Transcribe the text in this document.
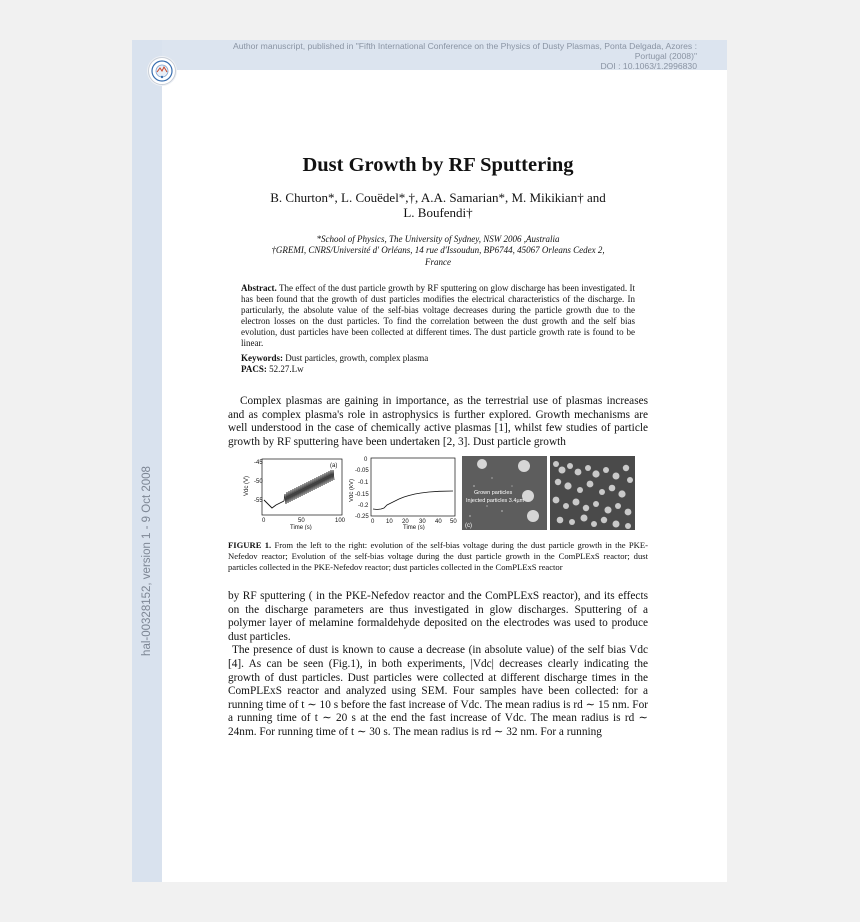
Author manuscript, published in "Fifth International Conference on the Physics of Dusty Plasmas, Ponta Delgada, Azores :
Portugal (2008)"
DOI : 10.1063/1.2996830
hal-00328152, version 1 - 9 Oct 2008
Dust Growth by RF Sputtering
B. Churton*, L. Couëdel*,†, A.A. Samarian*, M. Mikikian† and
L. Boufendi†
*School of Physics, The University of Sydney, NSW 2006 ,Australia
†GREMI, CNRS/Université d' Orléans, 14 rue d'Issoudun, BP6744, 45067 Orleans Cedex 2,
France
Abstract. The effect of the dust particle growth by RF sputtering on glow discharge has been investigated. It has been found that the growth of dust particles modifies the electrical characteristics of the discharge. In particularly, the absolute value of the self-bias voltage decreases during the particle growth due to the electron losses on the dust particles. To find the correlation between the dust growth and the self bias evolution, dust particles have been collected at different times. The dust particle growth rate is found to be linear.
Keywords: Dust particles, growth, complex plasma
PACS: 52.27.Lw
Complex plasmas are gaining in importance, as the terrestrial use of plasmas increases and as complex plasma's role in astrophysics is further explored. Growth mechanisms are well understood in the case of chemically active plasmas [1], whilst few studies of particle growth by RF sputtering have been undertaken [2, 3]. Dust particle growth
-45
-50
-55
0	50	100
Time (s)
Vdc (V)
(a)
0
-0.05
-0.1
-0.15
-0.2
-0.25
0 10 20 30 40 50
Time (s)
Vdc (kV)	Grown particles
Injected particles 3.4µm
(c)
FIGURE 1. From the left to the right: evolution of the self-bias voltage during the dust particle growth in the PKE-Nefedov reactor; Evolution of the self-bias voltage during the dust particle growth in the ComPLExS reactor; dust particles collected in the PKE-Nefedov reactor; dust particles collected in the ComPLExS reactor

by RF sputtering ( in the PKE-Nefedov reactor and the ComPLExS reactor), and its effects on the discharge parameters are thus investigated in glow discharges. Sputtering of a polymer layer of melamine formaldehyde deposited on the electrodes was used to produce dust particles.

The presence of dust is known to cause a decrease (in absolute value) of the self bias Vdc [4]. As can be seen (Fig.1), in both experiments, |Vdc| decreases clearly indicating the growth of dust particles. Dust particles were collected at different discharge times in the ComPLExS reactor and analyzed using SEM. Four samples have been collected: for a running time of t ∼ 10 s before the fast increase of Vdc. The mean radius is rd ∼ 15 nm. For a running time of t ∼ 20 s at the end the fast increase of Vdc. The mean radius is rd ∼ 24nm. For running time of t ∼ 30 s. The mean radius is rd ∼ 32 nm. For a running
